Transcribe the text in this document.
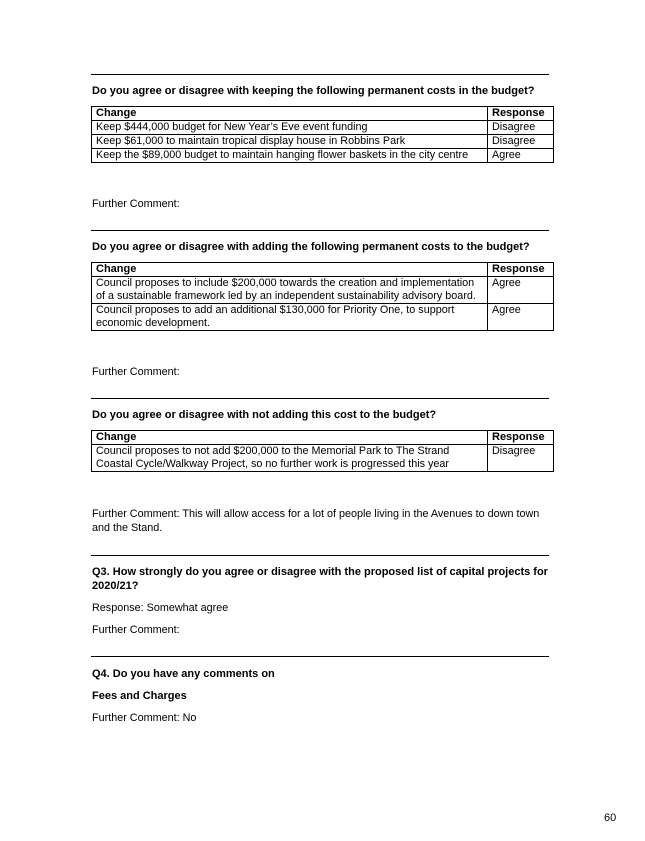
Do you agree or disagree with keeping the following permanent costs in the budget?
Change	Response
Keep $444,000 budget for New Year’s Eve event funding	Disagree
Keep $61,000 to maintain tropical display house in Robbins Park	Disagree
Keep the $89,000 budget to maintain hanging flower baskets in the city centre	Agree
Further Comment:
Do you agree or disagree with adding the following permanent costs to the budget?
Change	Response
Council proposes to include $200,000 towards the creation and implementation of a sustainable framework led by an independent sustainability advisory board.	Agree
Council proposes to add an additional $130,000 for Priority One, to support economic development.	Agree
Further Comment:
Do you agree or disagree with not adding this cost to the budget?
Change	Response
Council proposes to not add $200,000 to the Memorial Park to The Strand Coastal Cycle/Walkway Project, so no further work is progressed this year	Disagree
Further Comment: This will allow access for a lot of people living in the Avenues to down town and the Stand.
Q3. How strongly do you agree or disagree with the proposed list of capital projects for 2020/21?
Response: Somewhat agree
Further Comment:
Q4. Do you have any comments on
Fees and Charges
Further Comment: No
60
